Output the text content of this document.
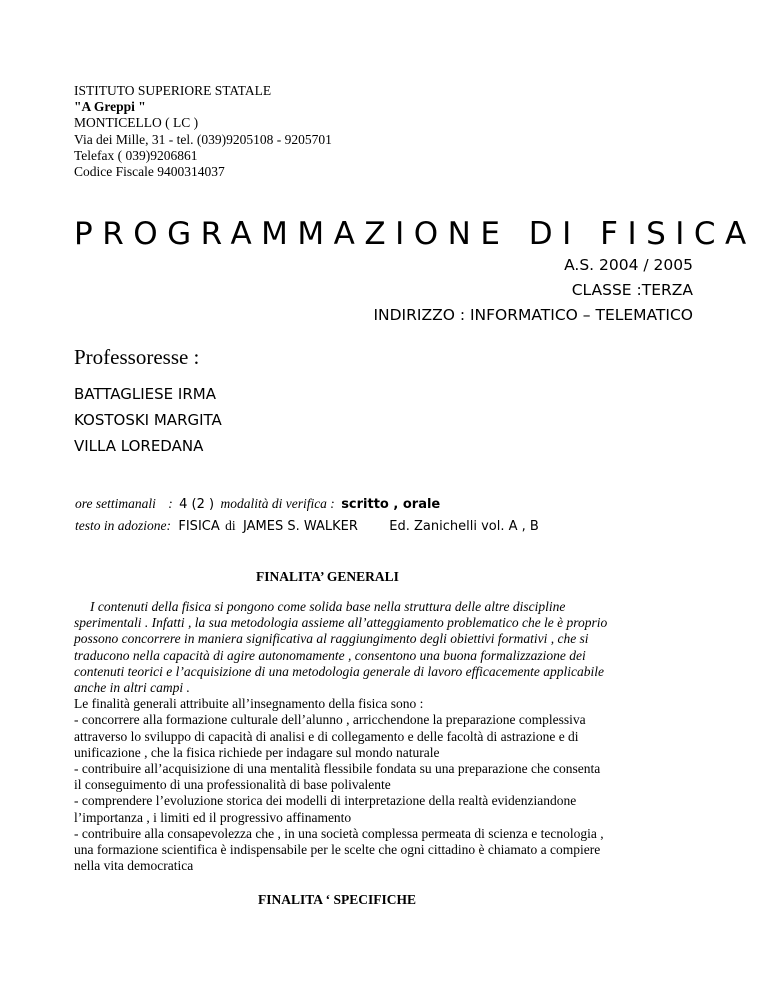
ISTITUTO SUPERIORE STATALE
"A Greppi "
MONTICELLO ( LC )
Via dei Mille, 31 - tel. (039)9205108 - 9205701
Telefax ( 039)9206861
Codice Fiscale 9400314037
PROGRAMMAZIONE DI FISICA
A.S. 2004 / 2005
CLASSE :TERZA
INDIRIZZO : INFORMATICO – TELEMATICO
Professoresse :
BATTAGLIESE IRMA
KOSTOSKI MARGITA
VILLA LOREDANA
ore settimanali : 4 (2 ) modalità di verifica : scritto , orale
testo in adozione: FISICA di JAMES S. WALKER Ed. Zanichelli vol. A , B
FINALITA’ GENERALI
I contenuti della fisica si pongono come solida base nella struttura delle altre discipline
sperimentali . Infatti , la sua metodologia assieme all’atteggiamento problematico che le è proprio
possono concorrere in maniera significativa al raggiungimento degli obiettivi formativi , che si
traducono nella capacità di agire autonomamente , consentono una buona formalizzazione dei
contenuti teorici e l’acquisizione di una metodologia generale di lavoro efficacemente applicabile
anche in altri campi .
Le finalità generali attribuite all’insegnamento della fisica sono :
- concorrere alla formazione culturale dell’alunno , arricchendone la preparazione complessiva
attraverso lo sviluppo di capacità di analisi e di collegamento e delle facoltà di astrazione e di
unificazione , che la fisica richiede per indagare sul mondo naturale
- contribuire all’acquisizione di una mentalità flessibile fondata su una preparazione che consenta
il conseguimento di una professionalità di base polivalente
- comprendere l’evoluzione storica dei modelli di interpretazione della realtà evidenziandone
l’importanza , i limiti ed il progressivo affinamento
- contribuire alla consapevolezza che , in una società complessa permeata di scienza e tecnologia ,
una formazione scientifica è indispensabile per le scelte che ogni cittadino è chiamato a compiere
nella vita democratica
FINALITA ‘ SPECIFICHE
